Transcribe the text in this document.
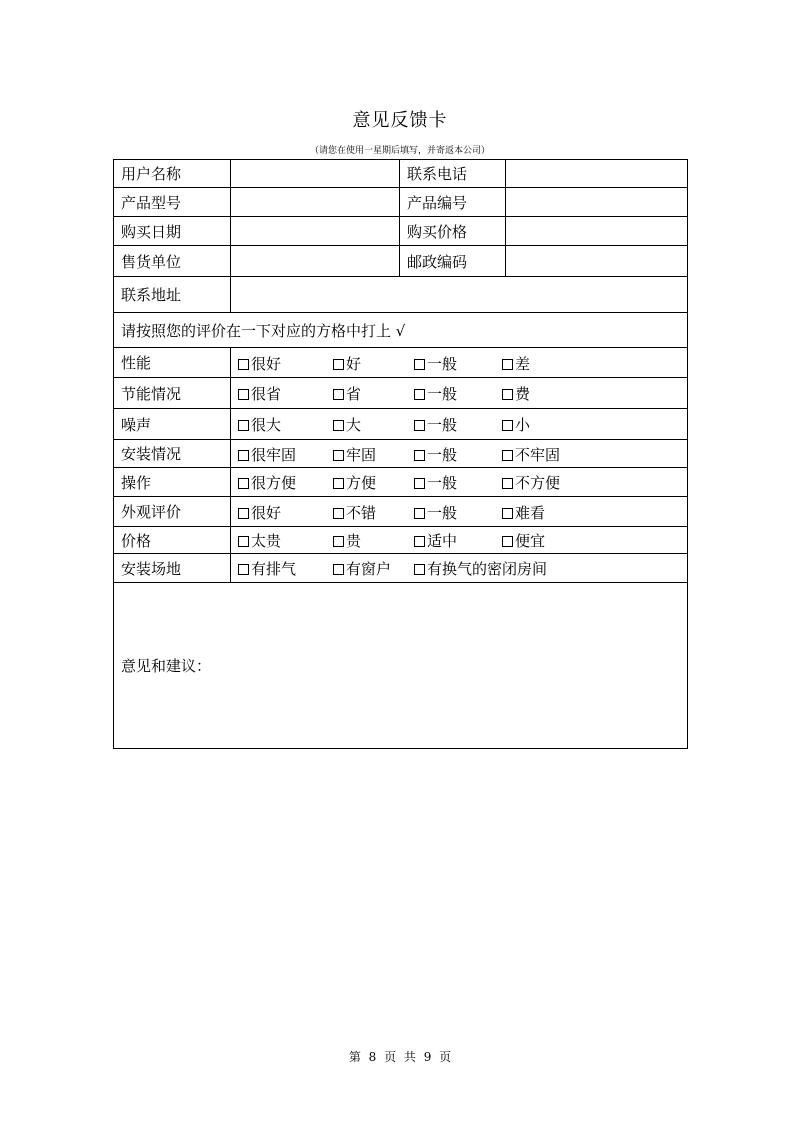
意见反馈卡
（请您在使用一星期后填写，并寄返本公司）
用户名称		联系电话	
产品型号		产品编号	
购买日期		购买价格	
售货单位		邮政编码	
联系地址			
请按照您的评价在一下对应的方格中打上 √			
性能	很好 好 一般 差		

节能情况	很省 省 一般 费		

噪声	很大 大 一般 小		

安装情况	很牢固 牢固 一般 不牢固		

操作	很方便 方便 一般 不方便		

外观评价	很好 不错 一般 难看		

价格	太贵 贵 适中 便宜		

安装场地	有排气 有窗户 有换气的密闭房间		

意见和建议：			
第 8 页 共 9 页
